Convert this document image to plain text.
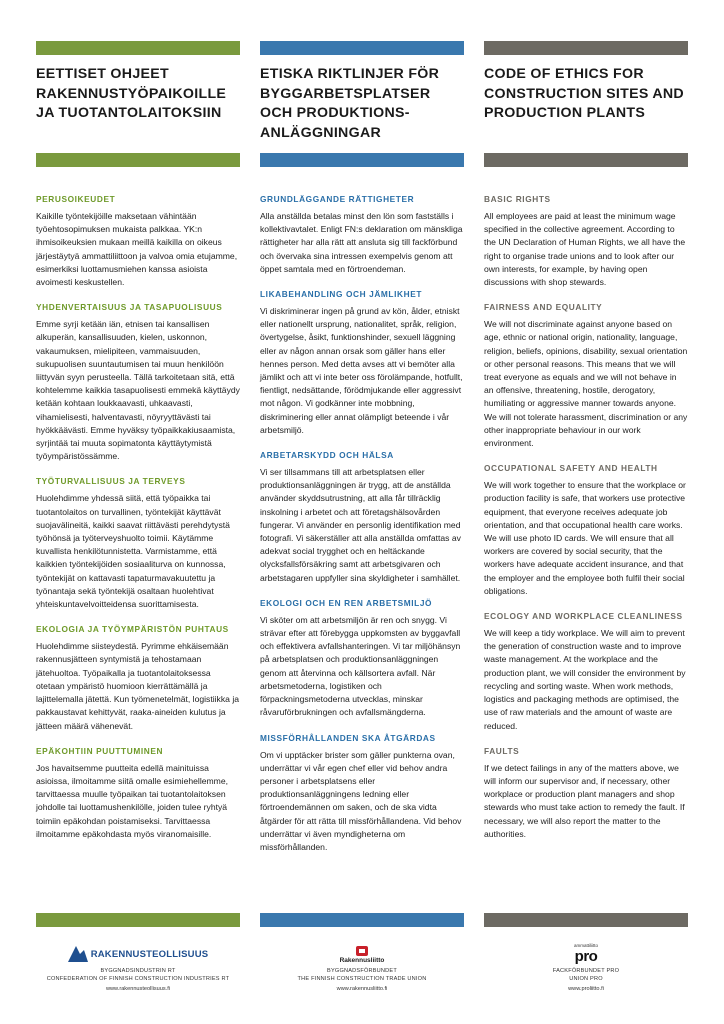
EETTISET OHJEET RAKENNUSTYÖPAIKOILLE JA TUOTANTOLAITOKSIIN
PERUSOIKEUDET

Kaikille työntekijöille maksetaan vähintään työehtosopimuksen mukaista palkkaa. YK:n ihmisoikeuksien mukaan meillä kaikilla on oikeus järjestäytyä ammattiliittoon ja valvoa omia etujamme, esimerkiksi luottamusmiehen kanssa asioista avoimesti keskustellen.

YHDENVERTAISUUS JA TASAPUOLISUUS

Emme syrji ketään iän, etnisen tai kansallisen alkuperän, kansallisuuden, kielen, uskonnon, vakaumuksen, mielipiteen, vammaisuuden, sukupuolisen suuntautumisen tai muun henkilöön liittyvän syyn perusteella. Tällä tarkoitetaan sitä, että kohtelemme kaikkia tasapuolisesti emmekä käyttäydy ketään kohtaan loukkaavasti, uhkaavasti, vihamielisesti, halventavasti, nöyryyttävästi tai hyökkäävästi. Emme hyväksy työpaikkakiusaamista, syrjintää tai muuta sopimatonta käyttäytymistä työympäristössämme.

TYÖTURVALLISUUS JA TERVEYS

Huolehdimme yhdessä siitä, että työpaikka tai tuotantolaitos on turvallinen, työntekijät käyttävät suojavälineitä, kaikki saavat riittävästi perehdytystä työhönsä ja työterveyshuolto toimii. Käytämme kuvallista henkilötunnistetta. Varmistamme, että kaikkien työntekijöiden sosiaaliturva on kunnossa, työntekijät on kattavasti tapaturmavakuutettu ja työnantaja sekä työntekijä osaltaan huolehtivat yhteiskuntavelvoitteidensa suorittamisesta.

EKOLOGIA JA TYÖYMPÄRISTÖN PUHTAUS

Huolehdimme siisteydestä. Pyrimme ehkäisemään rakennusjätteen syntymistä ja tehostamaan jätehuoltoa. Työpaikalla ja tuotantolaitoksessa otetaan ympäristö huomioon kierrättämällä ja lajittelemalla jätettä. Kun työmenetelmät, logistiikka ja pakkaustavat kehittyvät, raaka-aineiden kulutus ja jätteen määrä vähenevät.

EPÄKOHTIIN PUUTTUMINEN

Jos havaitsemme puutteita edellä mainituissa asioissa, ilmoitamme siitä omalle esimiehellemme, tarvittaessa muulle työpaikan tai tuotantolaitoksen johdolle tai luottamushenkilölle, joiden tulee ryhtyä toimiin epäkohdan poistamiseksi. Tarvittaessa ilmoitamme epäkohdasta myös viranomaisille.

ETISKA RIKTLINJER FÖR BYGGARBETSPLATSER OCH PRODUKTIONS-ANLÄGGNINGAR
GRUNDLÄGGANDE RÄTTIGHETER

Alla anställda betalas minst den lön som fastställs i kollektivavtalet. Enligt FN:s deklaration om mänskliga rättigheter har alla rätt att ansluta sig till fackförbund och övervaka sina intressen exempelvis genom att öppet samtala med en förtroendeman.

LIKABEHANDLING OCH JÄMLIKHET

Vi diskriminerar ingen på grund av kön, ålder, etniskt eller nationellt ursprung, nationalitet, språk, religion, övertygelse, åsikt, funktionshinder, sexuell läggning eller av någon annan orsak som gäller hans eller hennes person. Med detta avses att vi bemöter alla jämlikt och att vi inte beter oss förolämpande, hotfullt, fientligt, nedsättande, förödmjukande eller aggressivt mot någon. Vi godkänner inte mobbning, diskriminering eller annat olämpligt beteende i vår arbetsmiljö.

ARBETARSKYDD OCH HÄLSA

Vi ser tillsammans till att arbetsplatsen eller produktionsanläggningen är trygg, att de anställda använder skyddsutrustning, att alla får tillräcklig inskolning i arbetet och att företagshälsovården fungerar. Vi använder en personlig identifikation med fotografi. Vi säkerställer att alla anställda omfattas av adekvat social trygghet och en heltäckande olycksfallsförsäkring samt att arbetsgivaren och arbetstagaren uppfyller sina skyldigheter i samhället.

EKOLOGI OCH EN REN ARBETSMILJÖ

Vi sköter om att arbetsmiljön är ren och snygg. Vi strävar efter att förebygga uppkomsten av byggavfall och effektivera avfallshanteringen. Vi tar miljöhänsyn på arbetsplatsen och produktionsanläggningen genom att återvinna och källsortera avfall. När arbetsmetoderna, logistiken och förpackningsmetoderna utvecklas, minskar råvaruförbrukningen och avfallsmängderna.

MISSFÖRHÅLLANDEN SKA ÅTGÄRDAS

Om vi upptäcker brister som gäller punkterna ovan, underrättar vi vår egen chef eller vid behov andra personer i arbetsplatsens eller produktionsanläggningens ledning eller förtroendemännen om saken, och de ska vidta åtgärder för att rätta till missförhållandena. Vid behov underrättar vi även myndigheterna om missförhållanden.

CODE OF ETHICS FOR CONSTRUCTION SITES AND PRODUCTION PLANTS
BASIC RIGHTS

All employees are paid at least the minimum wage specified in the collective agreement. According to the UN Declaration of Human Rights, we all have the right to organise trade unions and to look after our own interests, for example, by having open discussions with shop stewards.

FAIRNESS AND EQUALITY

We will not discriminate against anyone based on age, ethnic or national origin, nationality, language, religion, beliefs, opinions, disability, sexual orientation or other personal reasons. This means that we will treat everyone as equals and we will not behave in an offensive, threatening, hostile, derogatory, humiliating or aggressive manner towards anyone. We will not tolerate harassment, discrimination or any other inappropriate behaviour in our work environment.

OCCUPATIONAL SAFETY AND HEALTH

We will work together to ensure that the workplace or production facility is safe, that workers use protective equipment, that everyone receives adequate job orientation, and that occupational health care works. We will use photo ID cards. We will ensure that all workers are covered by social security, that the workers have adequate accident insurance, and that the employer and the employee both fulfil their social obligations.

ECOLOGY AND WORKPLACE CLEANLINESS

We will keep a tidy workplace. We will aim to prevent the generation of construction waste and to improve waste management. At the workplace and the production plant, we will consider the environment by recycling and sorting waste. When work methods, logistics and packaging methods are optimised, the use of raw materials and the amount of waste are reduced.

FAULTS

If we detect failings in any of the matters above, we will inform our supervisor and, if necessary, other workplace or production plant managers and shop stewards who must take action to remedy the fault. If necessary, we will also report the matter to the authorities.

RAKENNUSTEOLLISUUS
BYGGNADSINDUSTRIN RT
CONFEDERATION OF FINNISH CONSTRUCTION INDUSTRIES RT
www.rakennusteollisuus.fi
Rakennusliitto
BYGGNADSFÖRBUNDET
THE FINNISH CONSTRUCTION TRADE UNION
www.rakennusliitto.fi
ammattiliitto
pro
FACKFÖRBUNDET PRO
UNION PRO
www.proliitto.fi
